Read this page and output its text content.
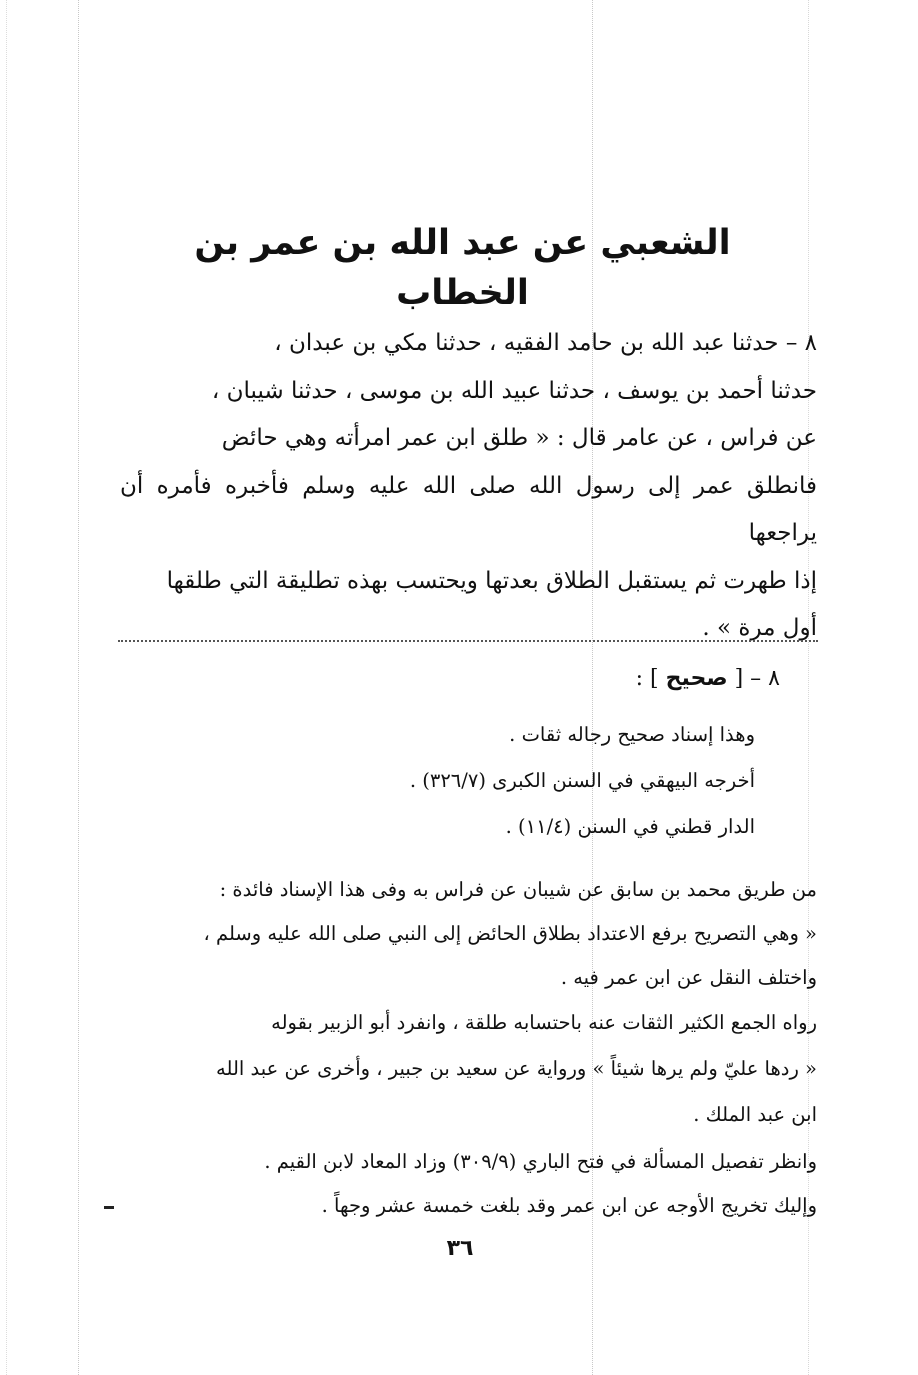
الشعبي عن عبد الله بن عمر بن الخطاب

٨ – حدثنا عبد الله بن حامد الفقيه ، حدثنا مكي بن عبدان ،

حدثنا أحمد بن يوسف ، حدثنا عبيد الله بن موسى ، حدثنا شيبان ،

عن فراس ، عن عامر قال : « طلق ابن عمر امرأته وهي حائض

فانطلق عمر إلى رسول الله صلى الله عليه وسلم فأخبره فأمره أن يراجعها

إذا طهرت ثم يستقبل الطلاق بعدتها ويحتسب بهذه تطليقة التي طلقها

أول مرة » .

٨ – [ صحيح ] :

وهذا إسناد صحيح رجاله ثقات .

أخرجه البيهقي في السنن الكبرى (٣٢٦/٧) .

الدار قطني في السنن (١١/٤) .

من طريق محمد بن سابق عن شيبان عن فراس به وفى هذا الإسناد فائدة :

« وهي التصريح برفع الاعتداد بطلاق الحائض إلى النبي صلى الله عليه وسلم ،

واختلف النقل عن ابن عمر فيه .

رواه الجمع الكثير الثقات عنه باحتسابه طلقة ، وانفرد أبو الزبير بقوله

« ردها عليّ ولم يرها شيئاً » ورواية عن سعيد بن جبير ، وأخرى عن عبد الله

ابن عبد الملك .

وانظر تفصيل المسألة في فتح الباري (٣٠٩/٩) وزاد المعاد لابن القيم .

وإليك تخريج الأوجه عن ابن عمر وقد بلغت خمسة عشر وجهاً .

٣٦
